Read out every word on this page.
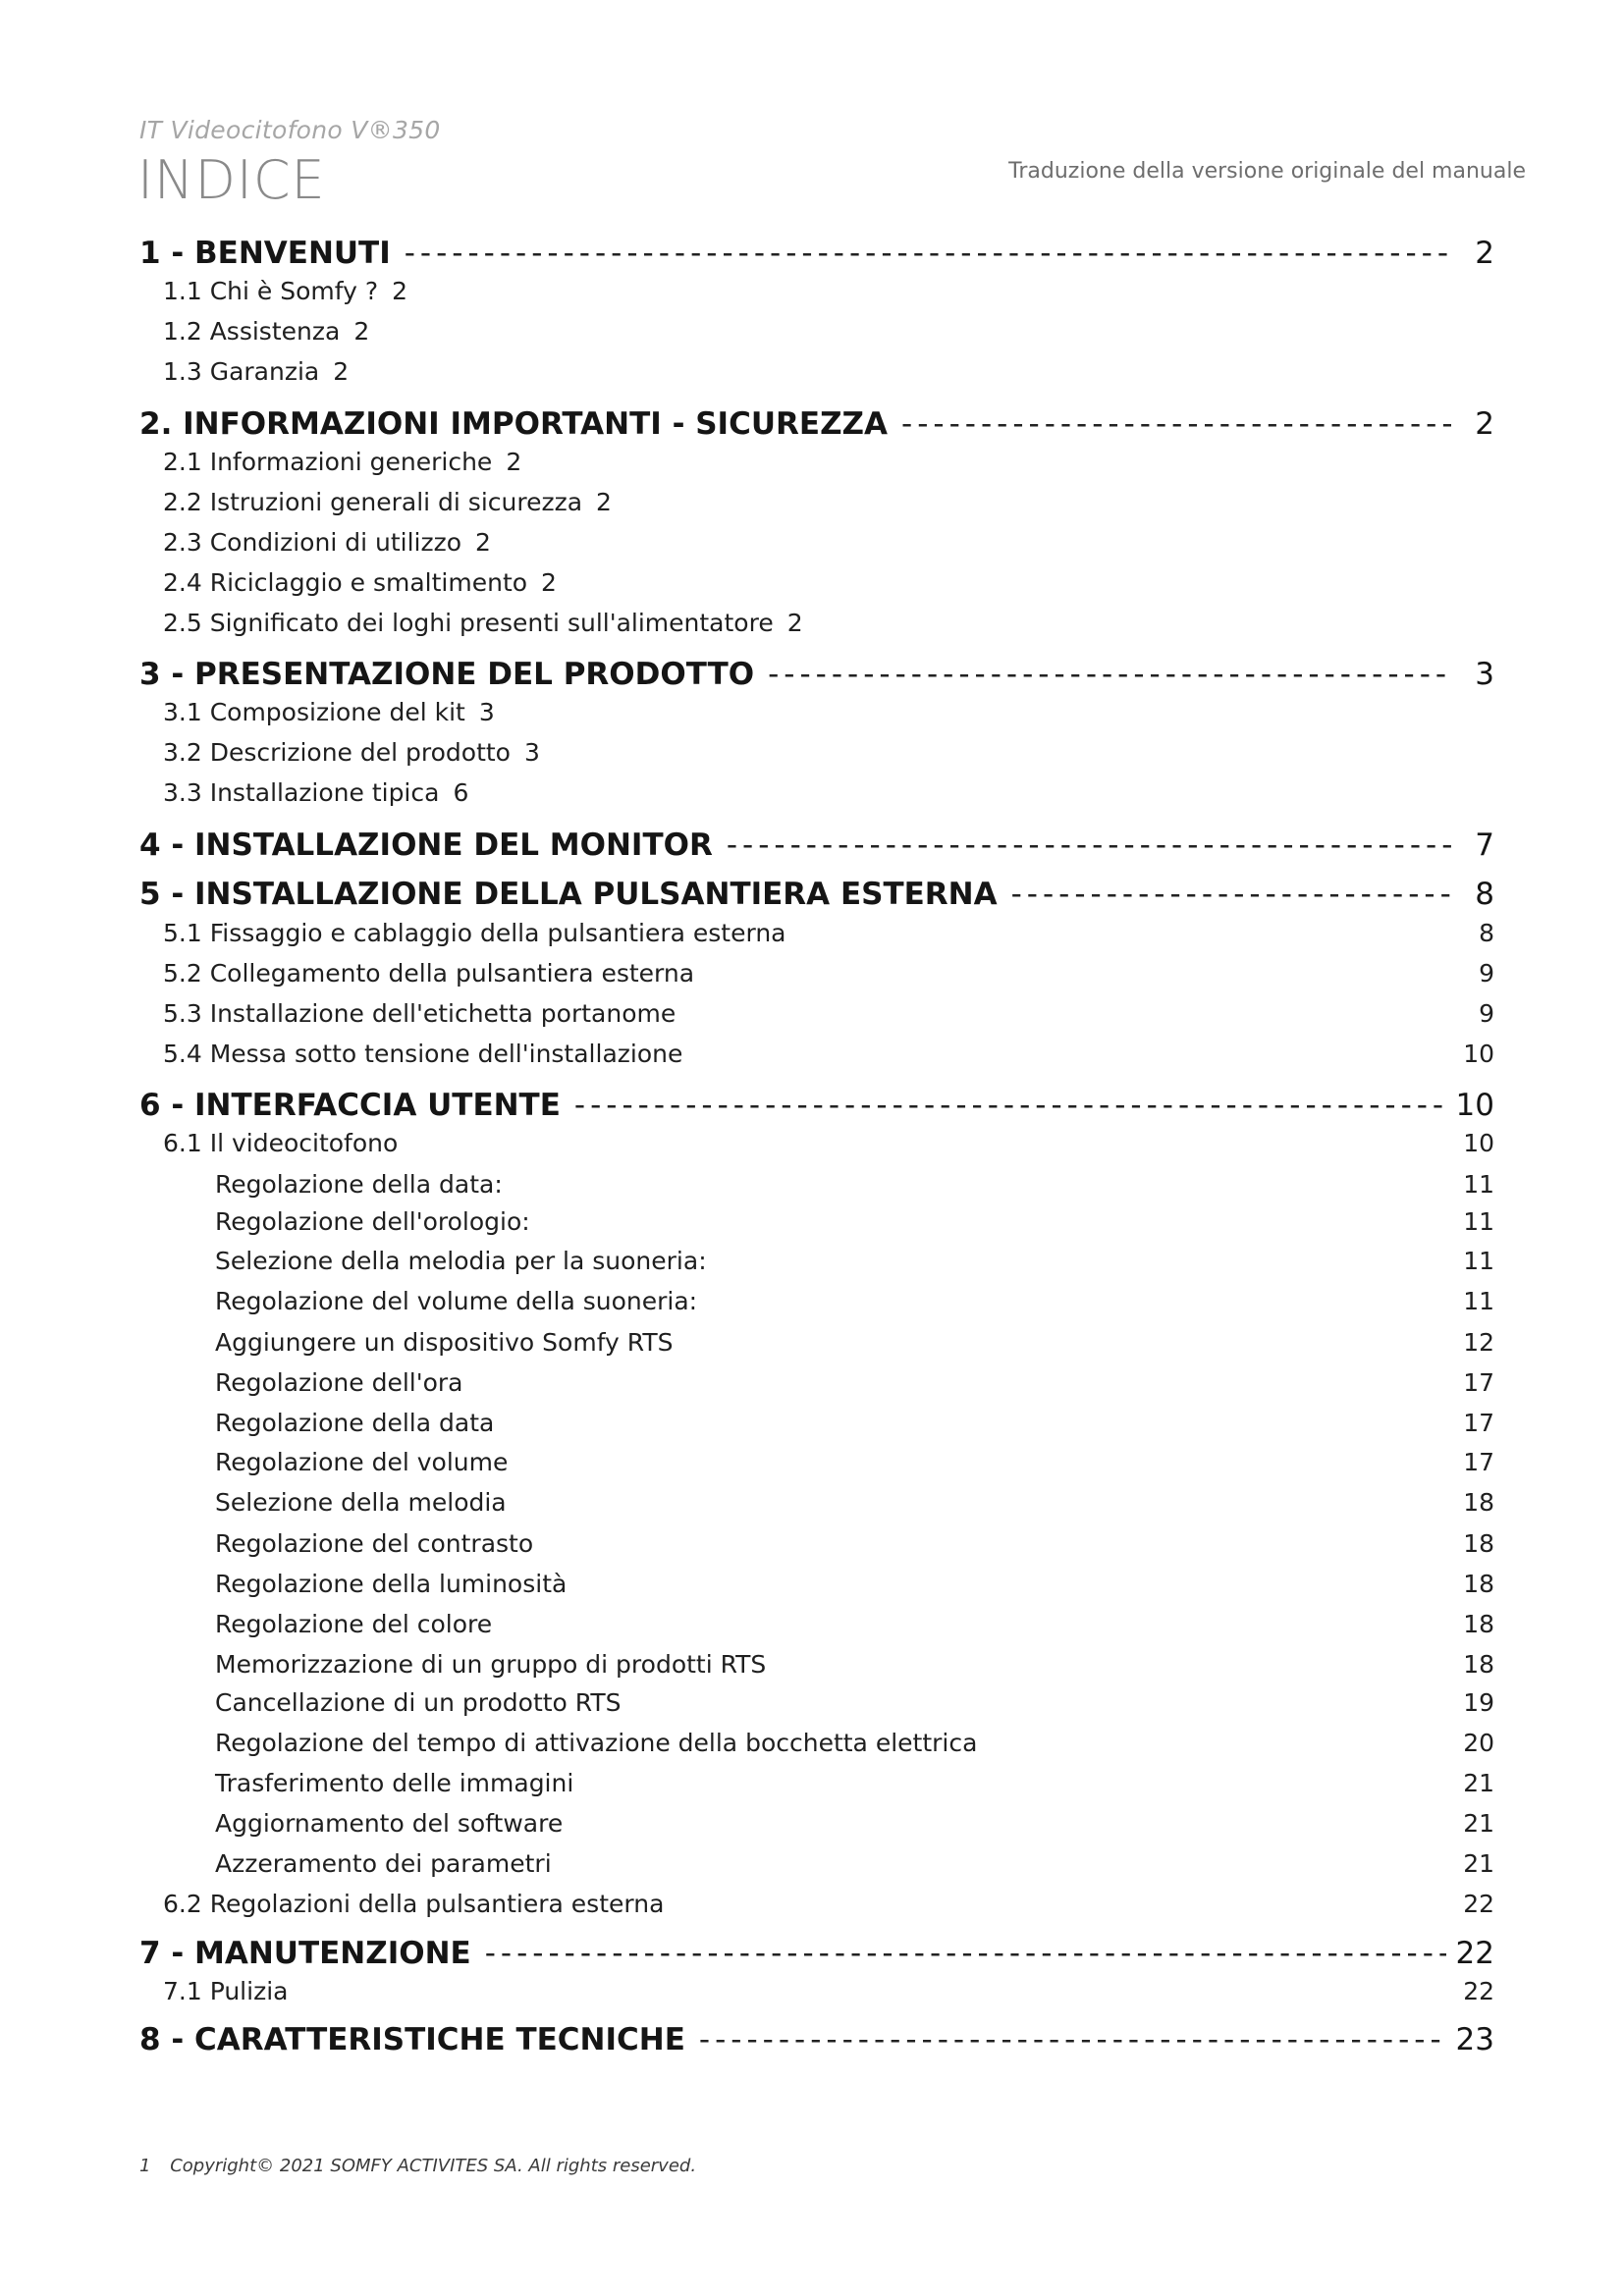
IT Videocitofono V®350
INDICE	Traduzione della versione originale del manuale
1 - BENVENUTI -----	2
1.1 Chi è Somfy ? 2
1.2 Assistenza 2
1.3 Garanzia 2
2. INFORMAZIONI IMPORTANTI - SICUREZZA -----	2
2.1 Informazioni generiche 2
2.2 Istruzioni generali di sicurezza 2
2.3 Condizioni di utilizzo 2
2.4 Riciclaggio e smaltimento 2
2.5 Significato dei loghi presenti sull'alimentatore 2
3 - PRESENTAZIONE DEL PRODOTTO -----	3
3.1 Composizione del kit 3
3.2 Descrizione del prodotto 3
3.3 Installazione tipica 6
4 - INSTALLAZIONE DEL MONITOR -----	7
5 - INSTALLAZIONE DELLA PULSANTIERA ESTERNA -----	8
5.1 Fissaggio e cablaggio della pulsantiera esterna	8
5.2 Collegamento della pulsantiera esterna	9
5.3 Installazione dell'etichetta portanome	9
5.4 Messa sotto tensione dell'installazione	10
6 - INTERFACCIA UTENTE -----	10
6.1 Il videocitofono	10
Regolazione della data:	11
Regolazione dell'orologio:	11
Selezione della melodia per la suoneria:	11
Regolazione del volume della suoneria:	11
Aggiungere un dispositivo Somfy RTS	12
Regolazione dell'ora	17
Regolazione della data	17
Regolazione del volume	17
Selezione della melodia	18
Regolazione del contrasto	18
Regolazione della luminosità	18
Regolazione del colore	18
Memorizzazione di un gruppo di prodotti RTS	18
Cancellazione di un prodotto RTS	19
Regolazione del tempo di attivazione della bocchetta elettrica	20
Trasferimento delle immagini	21
Aggiornamento del software	21
Azzeramento dei parametri	21
6.2 Regolazioni della pulsantiera esterna	22
7 - MANUTENZIONE -----	22
7.1 Pulizia	22
8 - CARATTERISTICHE TECNICHE -----	23
1 Copyright© 2021 SOMFY ACTIVITES SA. All rights reserved.
